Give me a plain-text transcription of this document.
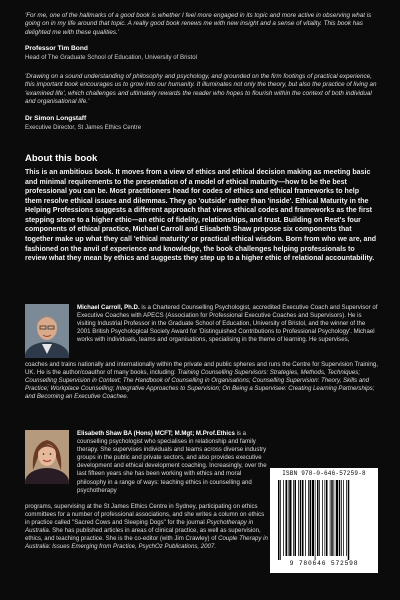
'For me, one of the hallmarks of a good book is whether I feel more engaged in its topic and more active in observing what is going on in my life around that topic. A really good book renews me with new insight and a sense of vitality. This book has delighted me with these qualities.'

Professor Tim Bond

Head of The Graduate School of Education, University of Bristol

'Drawing on a sound understanding of philosophy and psychology, and grounded on the firm footings of practical experience, this important book encourages us to grow into our humanity. It illuminates not only the theory, but also the practice of living an 'examined life', which challenges and ultimately rewards the reader who hopes to flourish within the context of both individual and organisational life.'

Dr Simon Longstaff

Executive Director, St James Ethics Centre

About this book

This is an ambitious book. It moves from a view of ethics and ethical decision making as meeting basic and minimal requirements to the presentation of a model of ethical maturity—how to be the best professional you can be. Most practitioners head for codes of ethics and ethical frameworks to help them resolve ethical issues and dilemmas. They go 'outside' rather than 'inside'. Ethical Maturity in the Helping Professions suggests a different approach that views ethical codes and frameworks as the first stepping stone to a higher ethic—an ethic of fidelity, relationships, and trust. Building on Rest's four components of ethical practice, Michael Carroll and Elisabeth Shaw propose six components that together make up what they call 'ethical maturity' or practical ethical wisdom. Born from who we are, and fashioned on the anvil of experience and knowledge, the book challenges helping professionals to review what they mean by ethics and suggests they step up to a higher ethic of relational accountability.

Michael Carroll, Ph.D. is a Chartered Counselling Psychologist, accredited Executive Coach and Supervisor of Executive Coaches with APECS (Association for Professional Executive Coaches and Supervisors). He is visiting Industrial Professor in the Graduate School of Education, University of Bristol, and the winner of the 2001 British Psychological Society Award for 'Distinguished Contributions to Professional Psychology'. Michael works with individuals, teams and organisations, specialising in the theme of learning. He supervises,

coaches and trains nationally and internationally within the private and public spheres and runs the Centre for Supervision Training, UK. He is the author/coauthor of many books, including: Training Counselling Supervisors: Strategies, Methods, Techniques; Counselling Supervision in Context; The Handbook of Counselling in Organisations; Counselling Supervision: Theory, Skills and Practice; Workplace Counselling; Integrative Approaches to Supervision; On Being a Supervisee: Creating Learning Partnerships; and Becoming an Executive Coachee.

Elisabeth Shaw BA (Hons) MCFT; M.Mgt; M.Prof.Ethics is a counselling psychologist who specialises in relationship and family therapy. She supervises individuals and teams across diverse industry groups in the public and private sectors, and also provides executive development and ethical development coaching. Increasingly, over the last fifteen years she has been working with ethics and moral philosophy in a range of ways: teaching ethics in counselling and psychotherapy

programs, supervising at the St James Ethics Centre in Sydney, participating on ethics committees for a number of professional associations, and she writes a column on ethics in practice called "Sacred Cows and Sleeping Dogs" for the journal Psychotherapy in Australia. She has published articles in areas of clinical practice, as well as supervision, ethics, and teaching practice. She is the co-editor (with Jim Crawley) of Couple Therapy in Australia: Issues Emerging from Practice, PsychOz Publications, 2007.

ISBN 978-0-646-57259-8
9 780646 572598
